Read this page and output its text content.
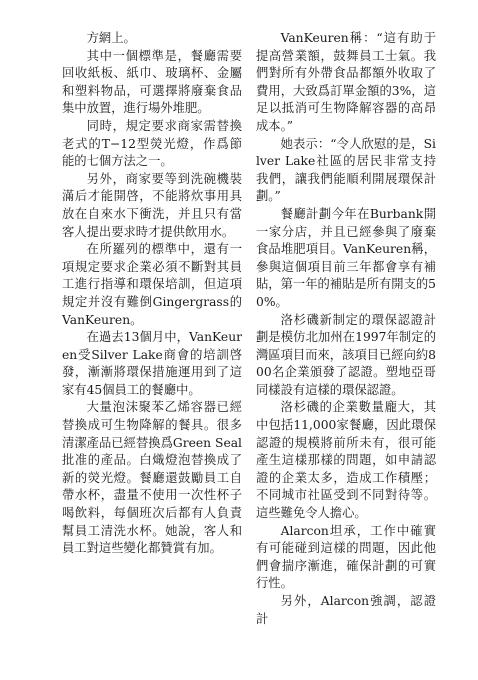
方網上。

其中一個標準是，餐廳需要回收紙板、紙巾、玻璃杯、金屬和塑料物品，可選擇將廢棄食品集中放置，進行場外堆肥。

同時，規定要求商家需替換老式的T−12型熒光燈，作爲節能的七個方法之一。

另外，商家要等到洗碗機裝滿后才能開啓，不能將炊事用具放在自來水下衝洗，并且只有當客人提出要求時才提供飲用水。

在所羅列的標準中，還有一項規定要求企業必須不斷對其員工進行指導和環保培訓，但這項規定并沒有難倒Gingergrass的VanKeuren。

在過去13個月中，VanKeuren受Silver Lake商會的培訓啓發，漸漸將環保措施運用到了這家有45個員工的餐廳中。

大量泡沫聚苯乙烯容器已經替換成可生物降解的餐具。很多清潔產品已經替換爲Green Seal批准的產品。白熾燈泡替換成了新的熒光燈。餐廳還鼓勵員工自帶水杯，盡量不使用一次性杯子喝飲料，每個班次后都有人負責幫員工清洗水杯。她說，客人和員工對這些變化都贊賞有加。

VanKeuren稱：“這有助于提高營業額，鼓舞員工士氣。我們對所有外帶食品都額外收取了費用，大致爲訂單金額的3%，這足以抵消可生物降解容器的高昂成本。”

她表示：“令人欣慰的是，Silver Lake社區的居民非常支持我們，讓我們能順利開展環保計劃。”

餐廳計劃今年在Burbank開一家分店，并且已經參與了廢棄食品堆肥項目。VanKeuren稱，參與這個項目前三年都會享有補貼，第一年的補貼是所有開支的50%。

洛杉磯新制定的環保認證計劃是模仿北加州在1997年制定的灣區項目而來，該項目已經向約800名企業頒發了認證。塑地亞哥同樣設有這樣的環保認證。

洛杉磯的企業數量龐大，其中包括11,000家餐廳，因此環保認證的規模將前所未有，很可能產生這樣那樣的問題，如申請認證的企業太多，造成工作積壓；不同城市社區受到不同對待等。這些難免令人擔心。

Alarcon坦承，工作中確實有可能碰到這樣的問題，因此他們會揣序漸進，確保計劃的可實行性。

另外，Alarcon強調，認證計
